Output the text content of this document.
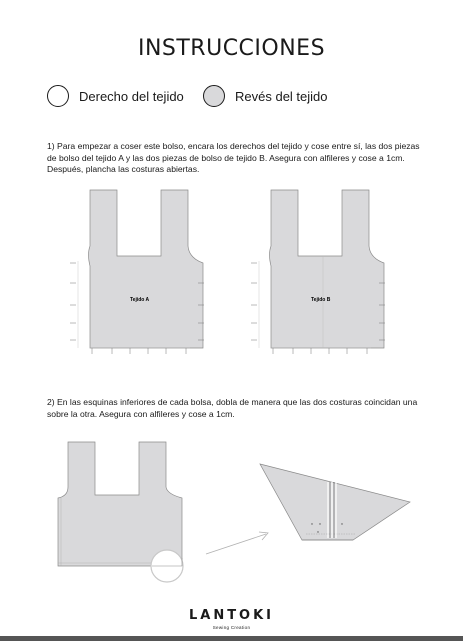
INSTRUCCIONES
Derecho del tejido	Revés del tejido

1) Para empezar a coser este bolso, encara los derechos del tejido y cose entre sí, las dos piezas de bolso del tejido A y las dos piezas de bolso de tejido B. Asegura con alfileres y cose a 1cm. Después, plancha las costuras abiertas.

Tejido A	Tejido B

2) En las esquinas inferiores de cada bolsa, dobla de manera que las dos costuras coincidan una sobre la otra. Asegura con alfileres y cose a 1cm.

LANTOKI
Sewing Creation
